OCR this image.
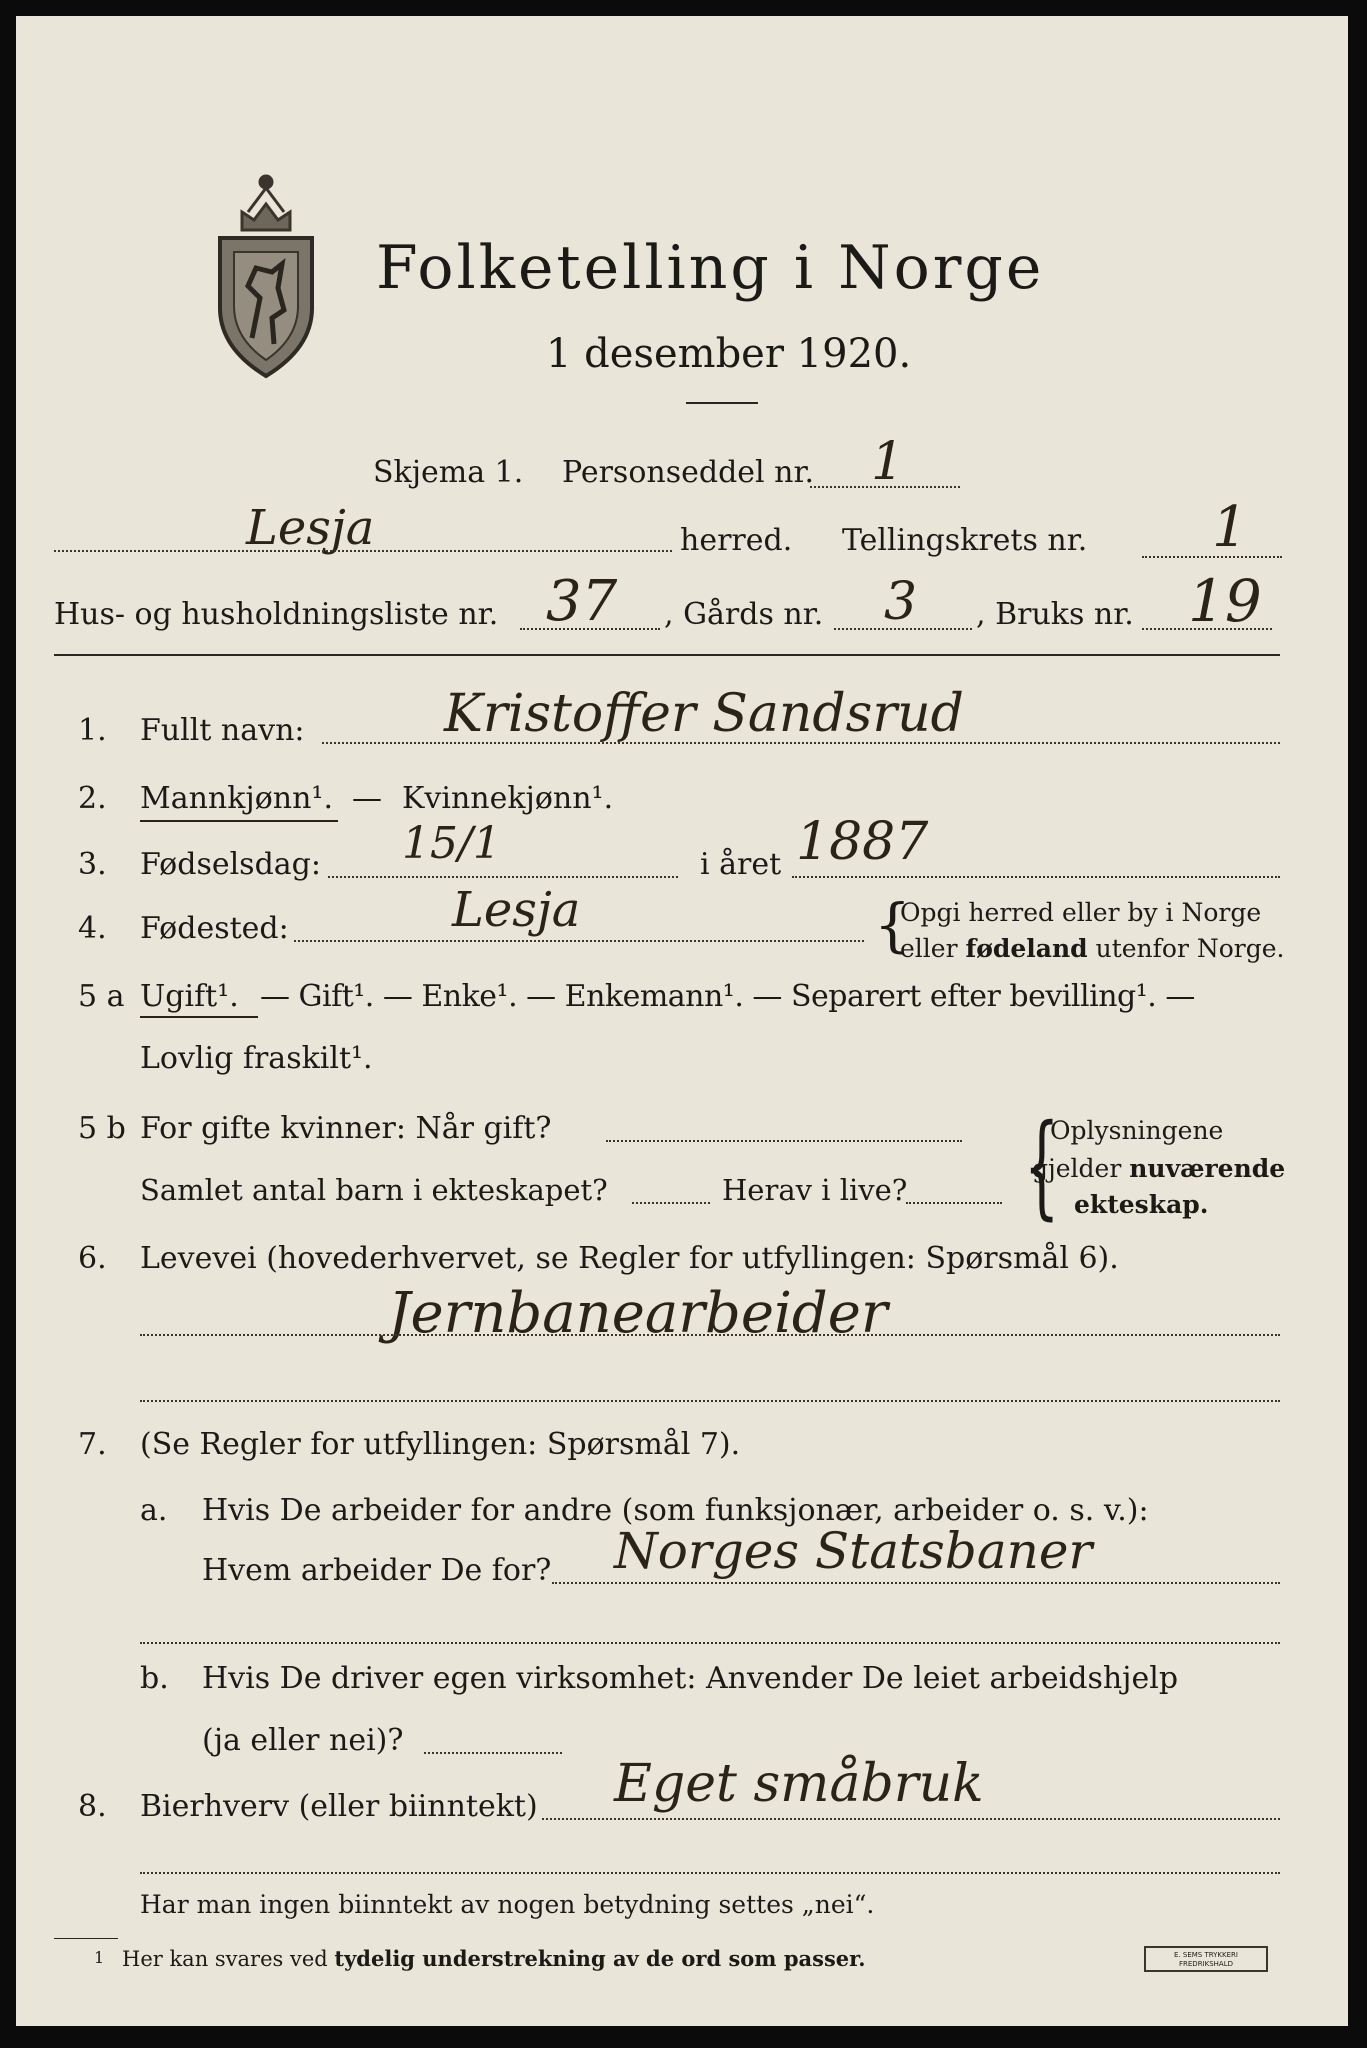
Folketelling i Norge
1 desember 1920.
Skjema 1. Personseddel nr. 1
Lesja	herred. Tellingskrets nr. 1
Hus- og husholdningsliste nr. 37 , Gårds nr. 3 , Bruks nr. 19
1. Fullt navn:	Kristoffer Sandsrud
2. Mannkjønn¹. — Kvinnekjønn¹.
3. Fødselsdag: 15/1	i året 1887
4. Fødested:	Lesja	{
Opgi herred eller by i Norge
eller fødeland utenfor Norge.
5 a Ugift¹. — Gift¹. — Enke¹. — Enkemann¹. — Separert efter bevilling¹. —
Lovlig fraskilt¹.
5 b For gifte kvinner: Når gift?
Samlet antal barn i ekteskapet?	Herav i live? {
Oplysningene
gjelder nuværende
ekteskap.
6. Levevei (hovederhvervet, se Regler for utfyllingen: Spørsmål 6).
Jernbanearbeider
7. (Se Regler for utfyllingen: Spørsmål 7).
a. Hvis De arbeider for andre (som funksjonær, arbeider o. s. v.):
Hvem arbeider De for? Norges Statsbaner
b. Hvis De driver egen virksomhet: Anvender De leiet arbeidshjelp
(ja eller nei)?
8. Bierhverv (eller biinntekt) Eget småbruk
Har man ingen biinntekt av nogen betydning settes „nei“.
1 Her kan svares ved tydelig understrekning av de ord som passer.	E. SEMS TRYKKERI FREDRIKSHALD
